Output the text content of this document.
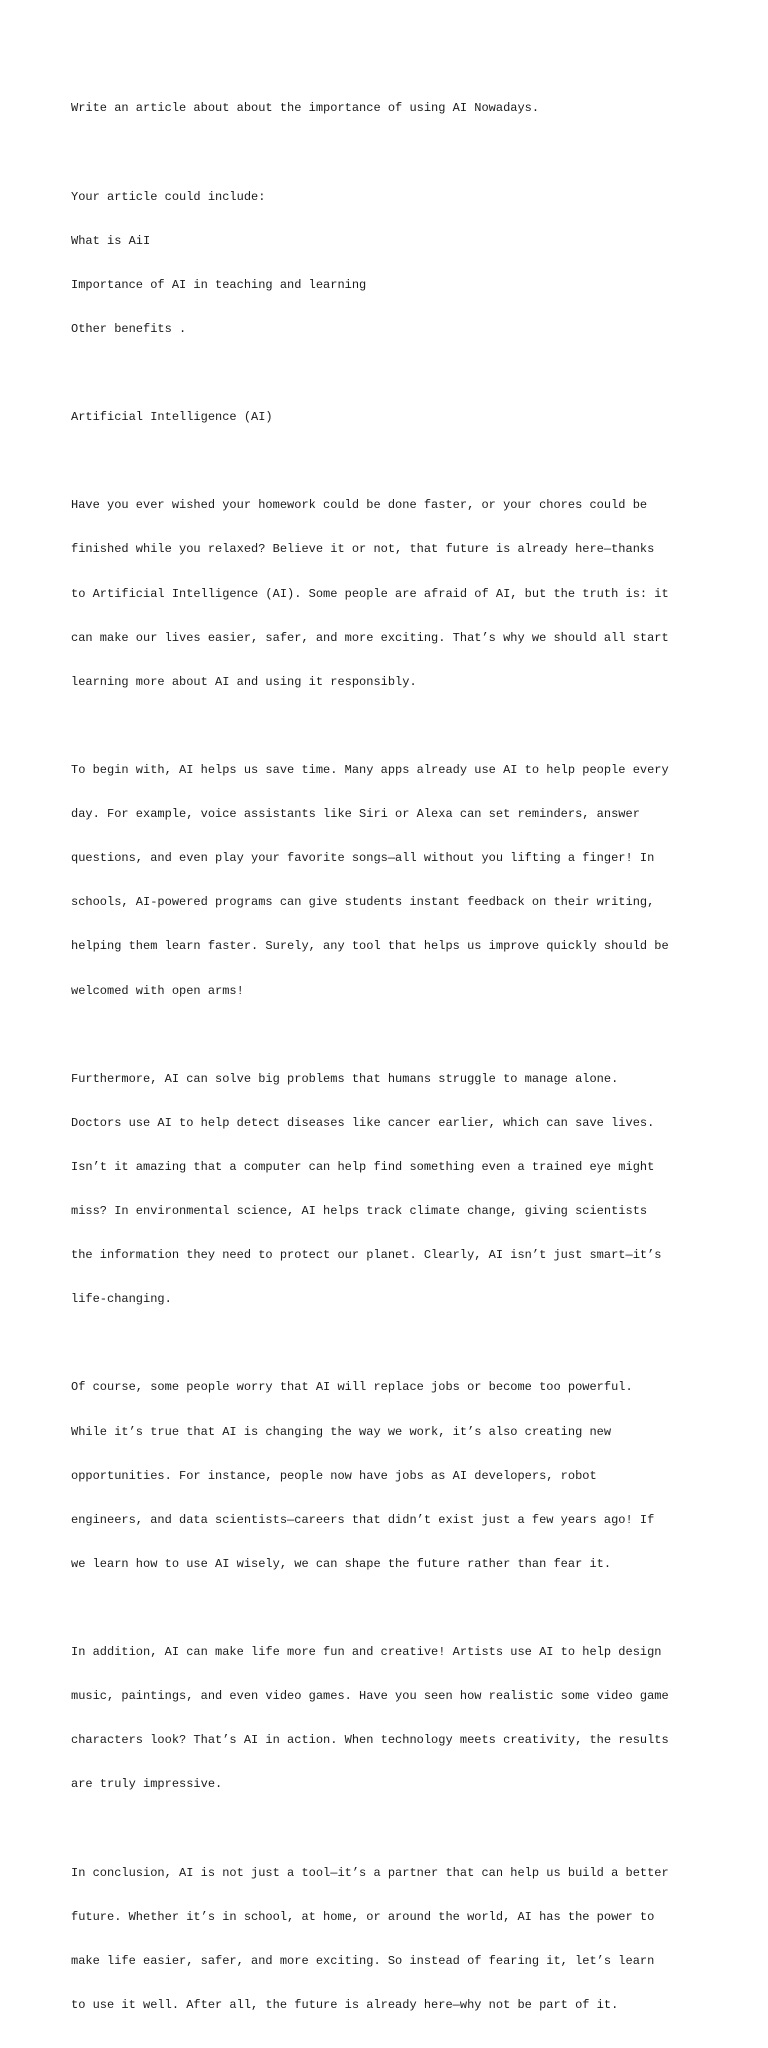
Write an article about about the importance of using AI Nowadays.

Your article could include:

What is AiI

Importance of AI in teaching and learning

Other benefits .

Artificial Intelligence (AI)

Have you ever wished your homework could be done faster, or your chores could be

finished while you relaxed? Believe it or not, that future is already here—thanks

to Artificial Intelligence (AI). Some people are afraid of AI, but the truth is: it

can make our lives easier, safer, and more exciting. That’s why we should all start

learning more about AI and using it responsibly.

To begin with, AI helps us save time. Many apps already use AI to help people every

day. For example, voice assistants like Siri or Alexa can set reminders, answer

questions, and even play your favorite songs—all without you lifting a finger! In

schools, AI-powered programs can give students instant feedback on their writing,

helping them learn faster. Surely, any tool that helps us improve quickly should be

welcomed with open arms!

Furthermore, AI can solve big problems that humans struggle to manage alone.

Doctors use AI to help detect diseases like cancer earlier, which can save lives.

Isn’t it amazing that a computer can help find something even a trained eye might

miss? In environmental science, AI helps track climate change, giving scientists

the information they need to protect our planet. Clearly, AI isn’t just smart—it’s

life-changing.

Of course, some people worry that AI will replace jobs or become too powerful.

While it’s true that AI is changing the way we work, it’s also creating new

opportunities. For instance, people now have jobs as AI developers, robot

engineers, and data scientists—careers that didn’t exist just a few years ago! If

we learn how to use AI wisely, we can shape the future rather than fear it.

In addition, AI can make life more fun and creative! Artists use AI to help design

music, paintings, and even video games. Have you seen how realistic some video game

characters look? That’s AI in action. When technology meets creativity, the results

are truly impressive.

In conclusion, AI is not just a tool—it’s a partner that can help us build a better

future. Whether it’s in school, at home, or around the world, AI has the power to

make life easier, safer, and more exciting. So instead of fearing it, let’s learn

to use it well. After all, the future is already here—why not be part of it.
